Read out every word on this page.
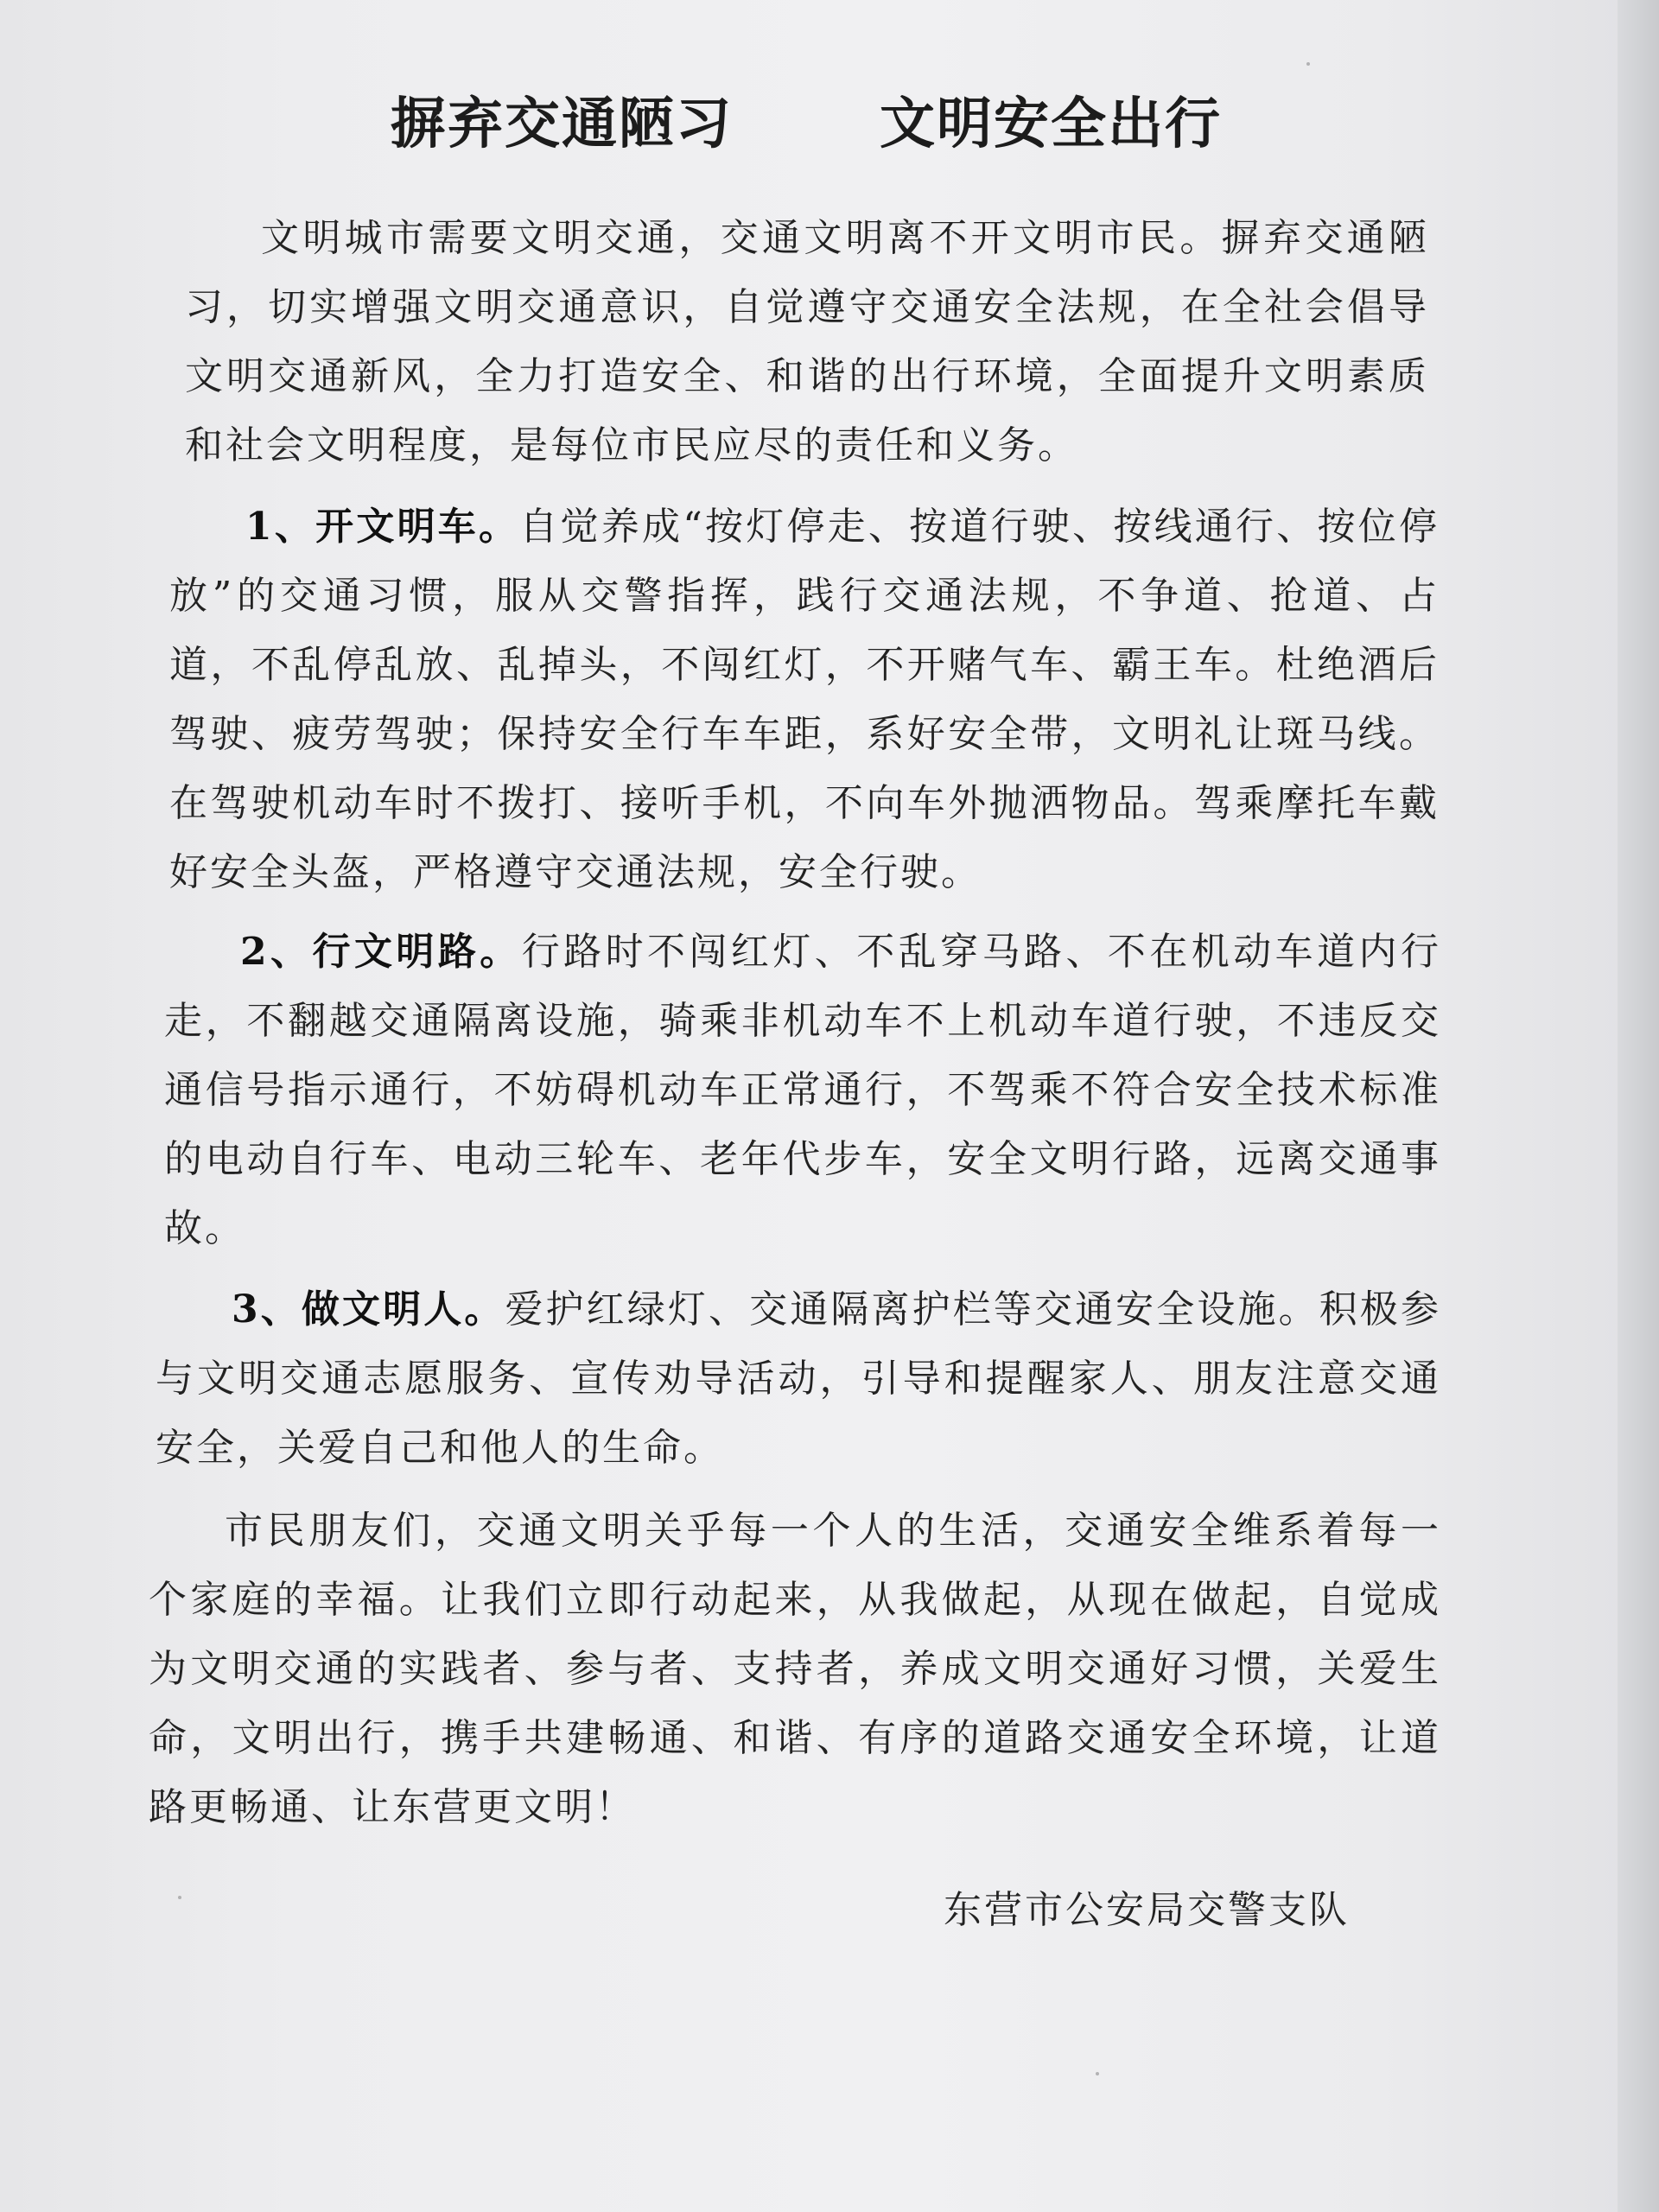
摒弃交通陋习	文明安全出行

文明城市需要文明交通，交通文明离不开文明市民。摒弃交通陋习，切实增强文明交通意识，自觉遵守交通安全法规，在全社会倡导文明交通新风，全力打造安全、和谐的出行环境，全面提升文明素质和社会文明程度，是每位市民应尽的责任和义务。

1、开文明车。自觉养成“按灯停走、按道行驶、按线通行、按位停放”的交通习惯，服从交警指挥，践行交通法规，不争道、抢道、占道，不乱停乱放、乱掉头，不闯红灯，不开赌气车、霸王车。杜绝酒后驾驶、疲劳驾驶；保持安全行车车距，系好安全带，文明礼让斑马线。在驾驶机动车时不拨打、接听手机，不向车外抛洒物品。驾乘摩托车戴好安全头盔，严格遵守交通法规，安全行驶。

2、行文明路。行路时不闯红灯、不乱穿马路、不在机动车道内行走，不翻越交通隔离设施，骑乘非机动车不上机动车道行驶，不违反交通信号指示通行，不妨碍机动车正常通行，不驾乘不符合安全技术标准的电动自行车、电动三轮车、老年代步车，安全文明行路，远离交通事故。

3、做文明人。爱护红绿灯、交通隔离护栏等交通安全设施。积极参与文明交通志愿服务、宣传劝导活动，引导和提醒家人、朋友注意交通安全，关爱自己和他人的生命。

市民朋友们，交通文明关乎每一个人的生活，交通安全维系着每一个家庭的幸福。让我们立即行动起来，从我做起，从现在做起，自觉成为文明交通的实践者、参与者、支持者，养成文明交通好习惯，关爱生命，文明出行，携手共建畅通、和谐、有序的道路交通安全环境，让道路更畅通、让东营更文明！

东营市公安局交警支队
